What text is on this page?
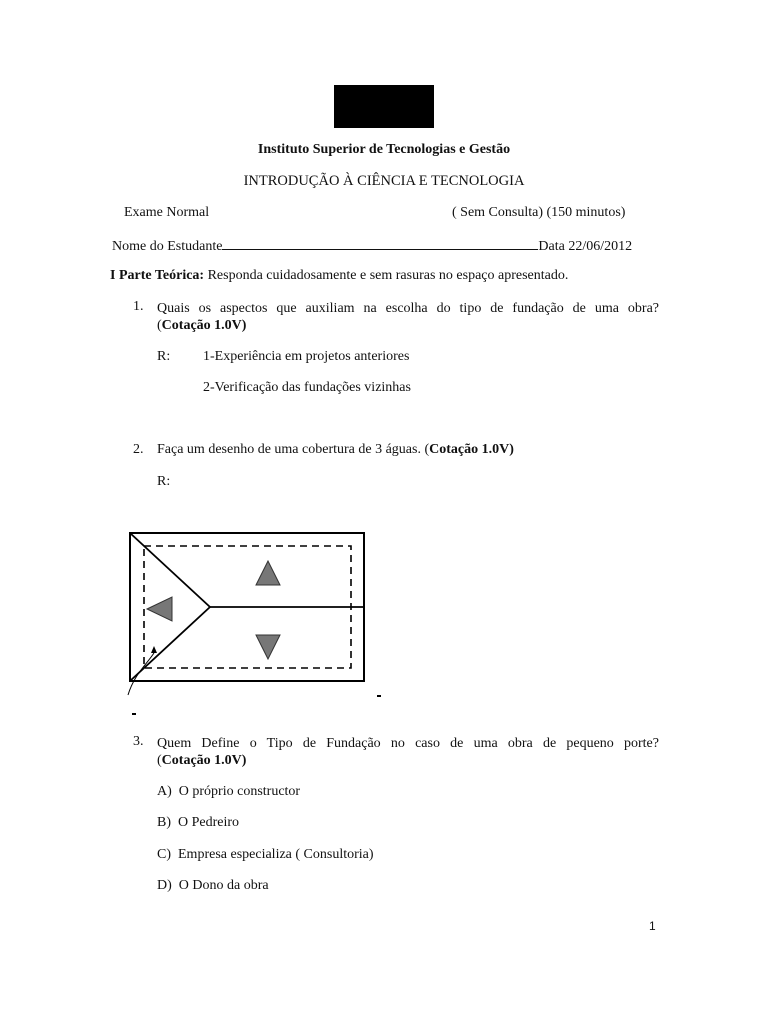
Instituto Superior de Tecnologias e Gestão
INTRODUÇÃO À CIÊNCIA E TECNOLOGIA
Exame Normal	( Sem Consulta) (150 minutos)
Nome do Estudante	Data 22/06/2012
I Parte Teórica: Responda cuidadosamente e sem rasuras no espaço apresentado.
1. Quais os aspectos que auxiliam na escolha do tipo de fundação de uma obra?
(Cotação 1.0V)
R: 1-Experiência em projetos anteriores
2-Verificação das fundações vizinhas
2. Faça um desenho de uma cobertura de 3 águas. (Cotação 1.0V)
R:
3. Quem Define o Tipo de Fundação no caso de uma obra de pequeno porte?
(Cotação 1.0V)
A) O próprio constructor
B) O Pedreiro
C) Empresa especializa ( Consultoria)
D) O Dono da obra
1
